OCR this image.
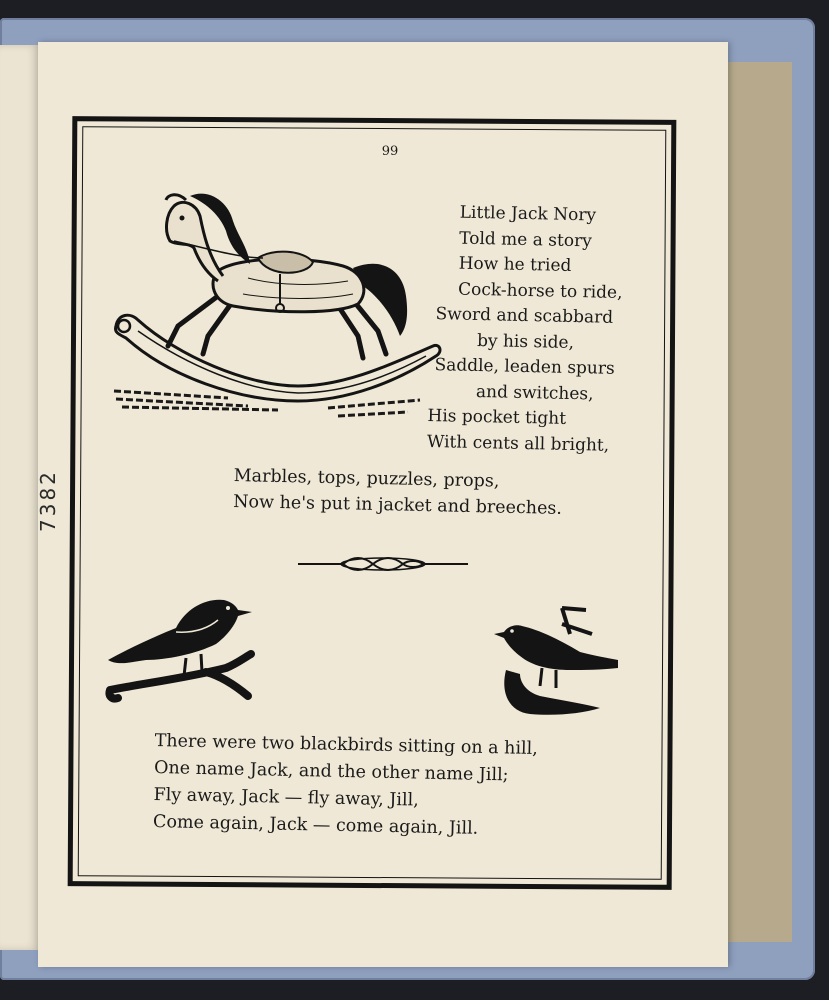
7382
99
Little Jack Nory
Told me a story
How he tried
Cock-horse to ride,
Sword and scabbard
by his side,
Saddle, leaden spurs
and switches,
His pocket tight
With cents all bright,
Marbles, tops, puzzles, props,
Now he's put in jacket and breeches.
There were two blackbirds sitting on a hill,
One name Jack, and the other name Jill;
Fly away, Jack — fly away, Jill,
Come again, Jack — come again, Jill.
